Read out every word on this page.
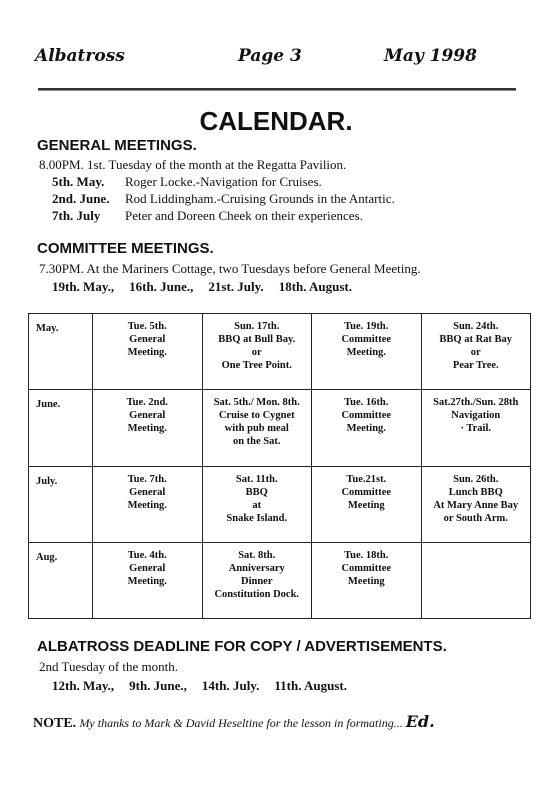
Albatross	Page 3	May 1998
CALENDAR.
GENERAL MEETINGS.
8.00PM. 1st. Tuesday of the month at the Regatta Pavilion.
5th. May. Roger Locke.-Navigation for Cruises.
2nd. June. Rod Liddingham.-Cruising Grounds in the Antartic.
7th. July Peter and Doreen Cheek on their experiences.
COMMITTEE MEETINGS.
7.30PM. At the Mariners Cottage, two Tuesdays before General Meeting.
19th. May., 16th. June., 21st. July. 18th. August.
May.	Tue. 5th.
General
Meeting.	Sun. 17th.
BBQ at Bull Bay.
or
One Tree Point.	Tue. 19th.
Committee
Meeting.	Sun. 24th.
BBQ at Rat Bay
or
Pear Tree.
June.	Tue. 2nd.
General
Meeting.	Sat. 5th./ Mon. 8th.
Cruise to Cygnet
with pub meal
on the Sat.	Tue. 16th.
Committee
Meeting.	Sat.27th./Sun. 28th
Navigation
· Trail.
July.	Tue. 7th.
General
Meeting.	Sat. 11th.
BBQ
at
Snake Island.	Tue.21st.
Committee
Meeting	Sun. 26th.
Lunch BBQ
At Mary Anne Bay
or South Arm.
Aug.	Tue. 4th.
General
Meeting.	Sat. 8th.
Anniversary
Dinner
Constitution Dock.	Tue. 18th.
Committee
Meeting	
ALBATROSS DEADLINE FOR COPY / ADVERTISEMENTS.
2nd Tuesday of the month.
12th. May., 9th. June., 14th. July. 11th. August.
NOTE. My thanks to Mark & David Heseltine for the lesson in formating... Ed.
